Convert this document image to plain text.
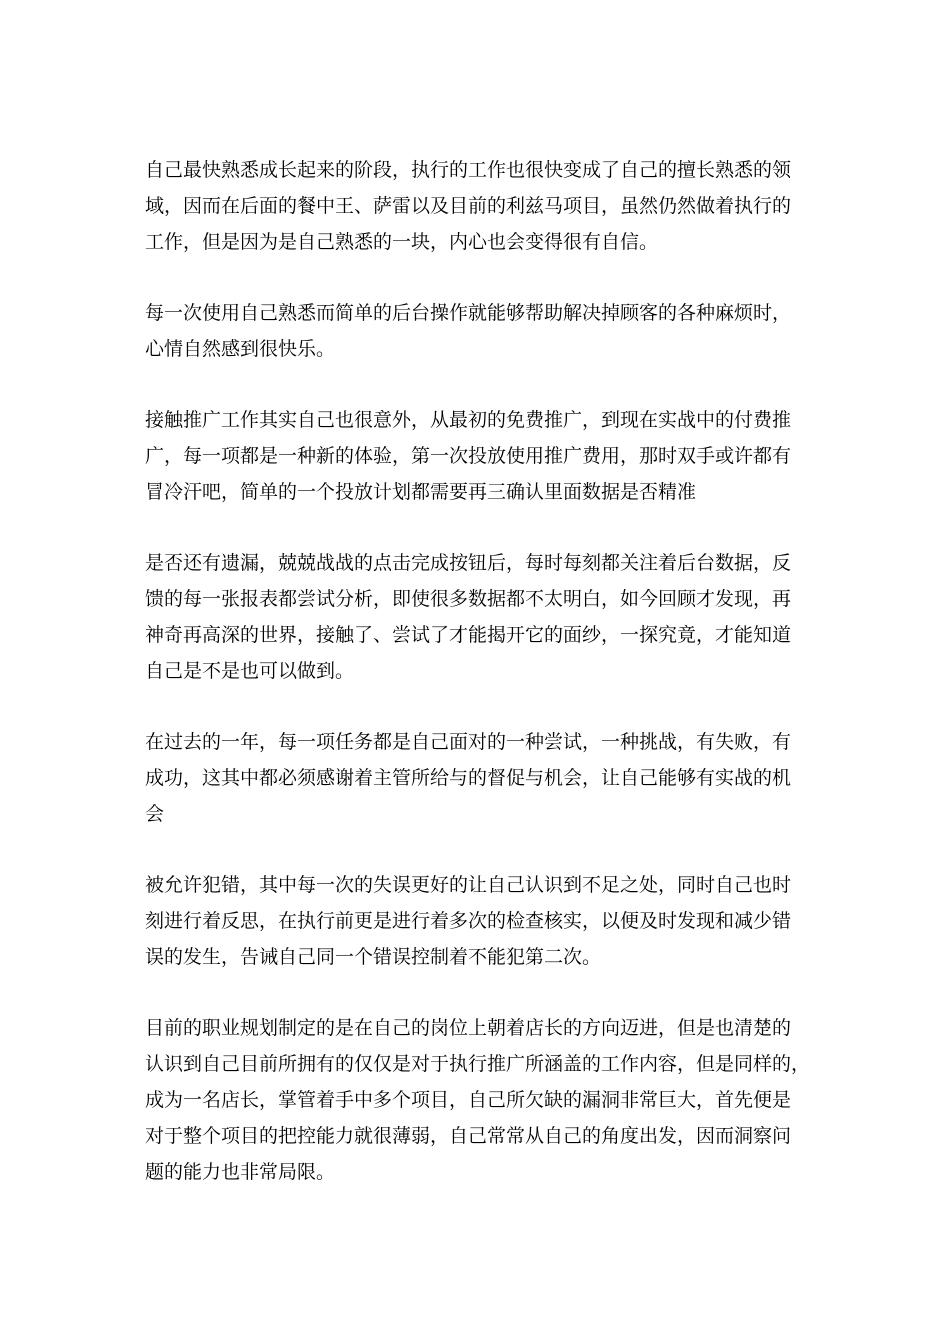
自己最快熟悉成长起来的阶段，执行的工作也很快变成了自己的擅长熟悉的领
域，因而在后面的餐中王、萨雷以及目前的利兹马项目，虽然仍然做着执行的
工作，但是因为是自己熟悉的一块，内心也会变得很有自信。

每一次使用自己熟悉而简单的后台操作就能够帮助解决掉顾客的各种麻烦时，
心情自然感到很快乐。

接触推广工作其实自己也很意外，从最初的免费推广，到现在实战中的付费推
广，每一项都是一种新的体验，第一次投放使用推广费用，那时双手或许都有
冒冷汗吧，简单的一个投放计划都需要再三确认里面数据是否精准

是否还有遗漏，兢兢战战的点击完成按钮后，每时每刻都关注着后台数据，反
馈的每一张报表都尝试分析，即使很多数据都不太明白，如今回顾才发现，再
神奇再高深的世界，接触了、尝试了才能揭开它的面纱，一探究竟，才能知道
自己是不是也可以做到。

在过去的一年，每一项任务都是自己面对的一种尝试，一种挑战，有失败，有
成功，这其中都必须感谢着主管所给与的督促与机会，让自己能够有实战的机
会

被允许犯错，其中每一次的失误更好的让自己认识到不足之处，同时自己也时
刻进行着反思，在执行前更是进行着多次的检查核实，以便及时发现和减少错
误的发生，告诫自己同一个错误控制着不能犯第二次。

目前的职业规划制定的是在自己的岗位上朝着店长的方向迈进，但是也清楚的
认识到自己目前所拥有的仅仅是对于执行推广所涵盖的工作内容，但是同样的，
成为一名店长，掌管着手中多个项目，自己所欠缺的漏洞非常巨大，首先便是
对于整个项目的把控能力就很薄弱，自己常常从自己的角度出发，因而洞察问
题的能力也非常局限。
